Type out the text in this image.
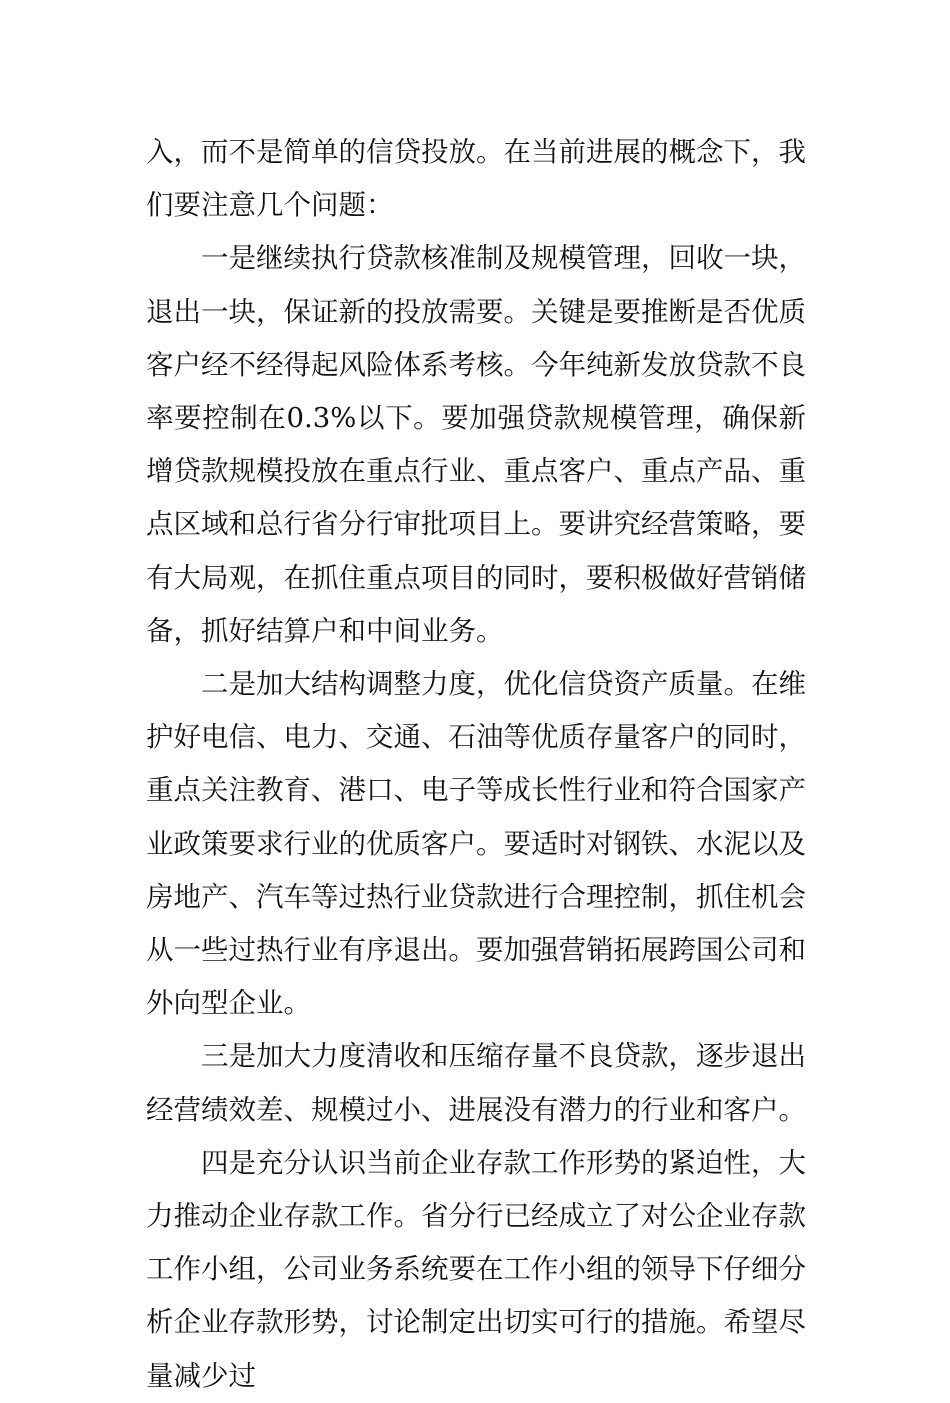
入，而不是简单的信贷投放。在当前进展的概念下，我们要注意几个问题：

一是继续执行贷款核准制及规模管理，回收一块，退出一块，保证新的投放需要。关键是要推断是否优质客户经不经得起风险体系考核。今年纯新发放贷款不良率要控制在0.3%以下。要加强贷款规模管理，确保新增贷款规模投放在重点行业、重点客户、重点产品、重点区域和总行省分行审批项目上。要讲究经营策略，要有大局观，在抓住重点项目的同时，要积极做好营销储备，抓好结算户和中间业务。

二是加大结构调整力度，优化信贷资产质量。在维护好电信、电力、交通、石油等优质存量客户的同时，重点关注教育、港口、电子等成长性行业和符合国家产业政策要求行业的优质客户。要适时对钢铁、水泥以及房地产、汽车等过热行业贷款进行合理控制，抓住机会从一些过热行业有序退出。要加强营销拓展跨国公司和外向型企业。

三是加大力度清收和压缩存量不良贷款，逐步退出经营绩效差、规模过小、进展没有潜力的行业和客户。

四是充分认识当前企业存款工作形势的紧迫性，大力推动企业存款工作。省分行已经成立了对公企业存款工作小组，公司业务系统要在工作小组的领导下仔细分析企业存款形势，讨论制定出切实可行的措施。希望尽量减少过
